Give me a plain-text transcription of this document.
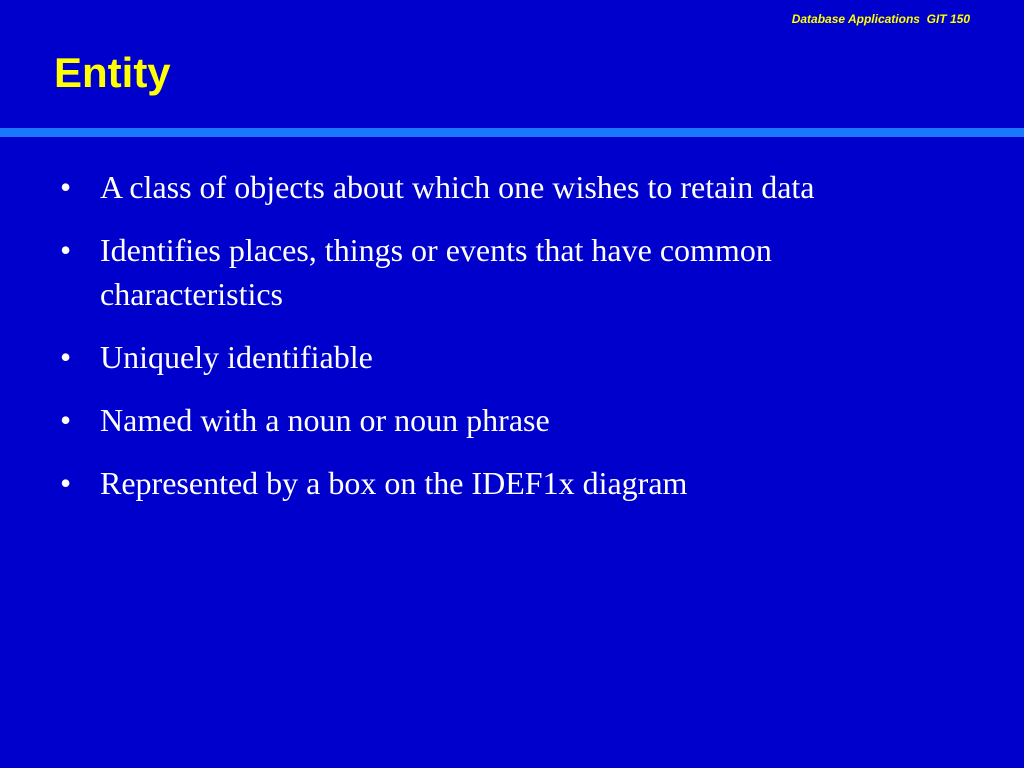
Database Applications  GIT 150
Entity
• A class of objects about which one wishes to retain data
• Identifies places, things or events that have common characteristics
• Uniquely identifiable
• Named with a noun or noun phrase
• Represented by a box on the IDEF1x diagram
